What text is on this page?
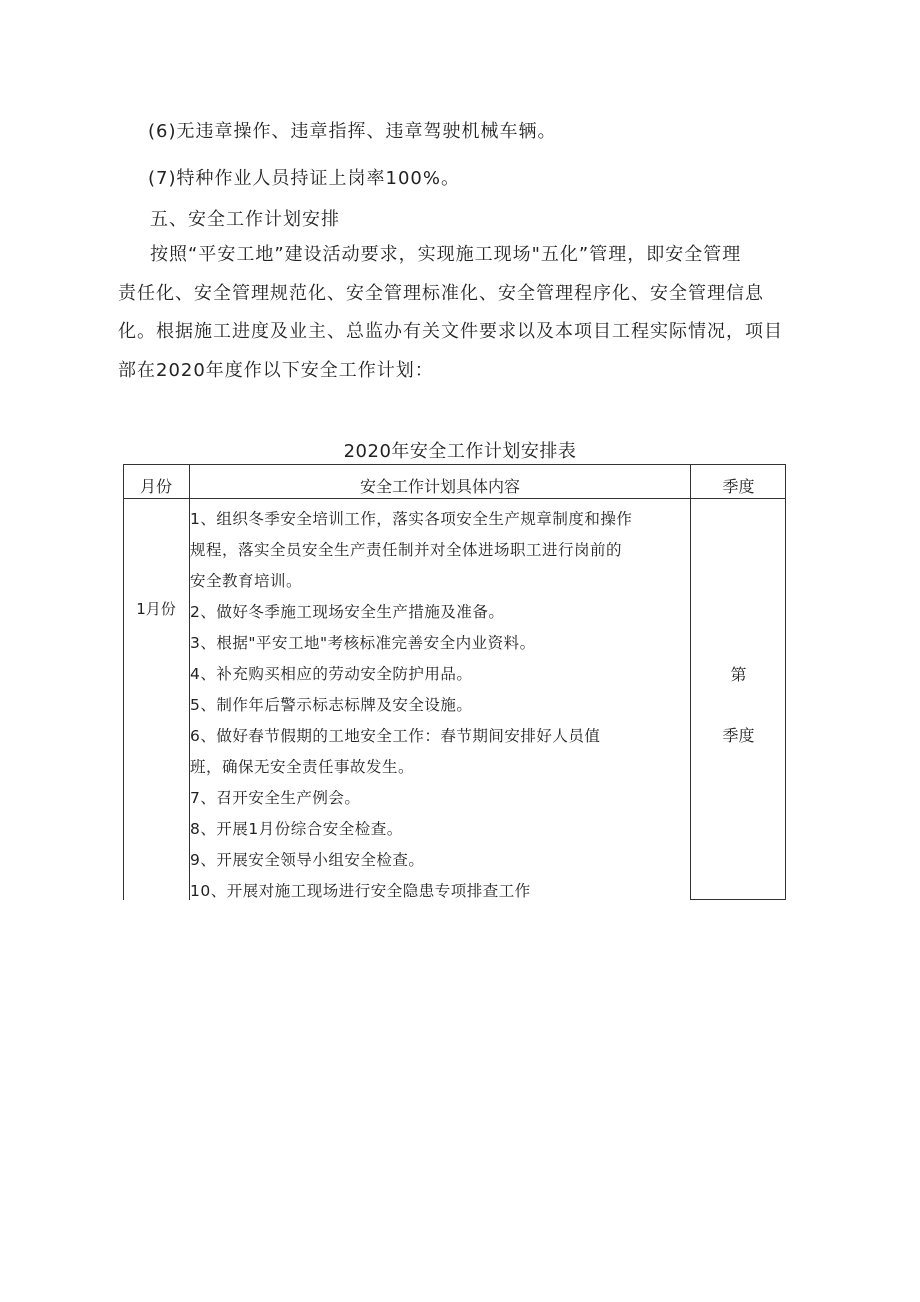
(6)无违章操作、违章指挥、违章驾驶机械车辆。
(7)特种作业人员持证上岗率100%。
五、安全工作计划安排
按照“平安工地”建设活动要求，实现施工现场"五化”管理，即安全管理
责任化、安全管理规范化、安全管理标准化、安全管理程序化、安全管理信息
化。根据施工进度及业主、总监办有关文件要求以及本项目工程实际情况，项目
部在2020年度作以下安全工作计划：
2020年安全工作计划安排表
月份	安全工作计划具体内容	季度
1月份
第
季度
1、组织冬季安全培训工作，落实各项安全生产规章制度和操作
规程，落实全员安全生产责任制并对全体进场职工进行岗前的
安全教育培训。
2、做好冬季施工现场安全生产措施及准备。
3、根据"平安工地"考核标准完善安全内业资料。
4、补充购买相应的劳动安全防护用品。
5、制作年后警示标志标牌及安全设施。
6、做好春节假期的工地安全工作：春节期间安排好人员值
班，确保无安全责任事故发生。
7、召开安全生产例会。
8、开展1月份综合安全检查。
9、开展安全领导小组安全检查。
10、开展对施工现场进行安全隐患专项排查工作
